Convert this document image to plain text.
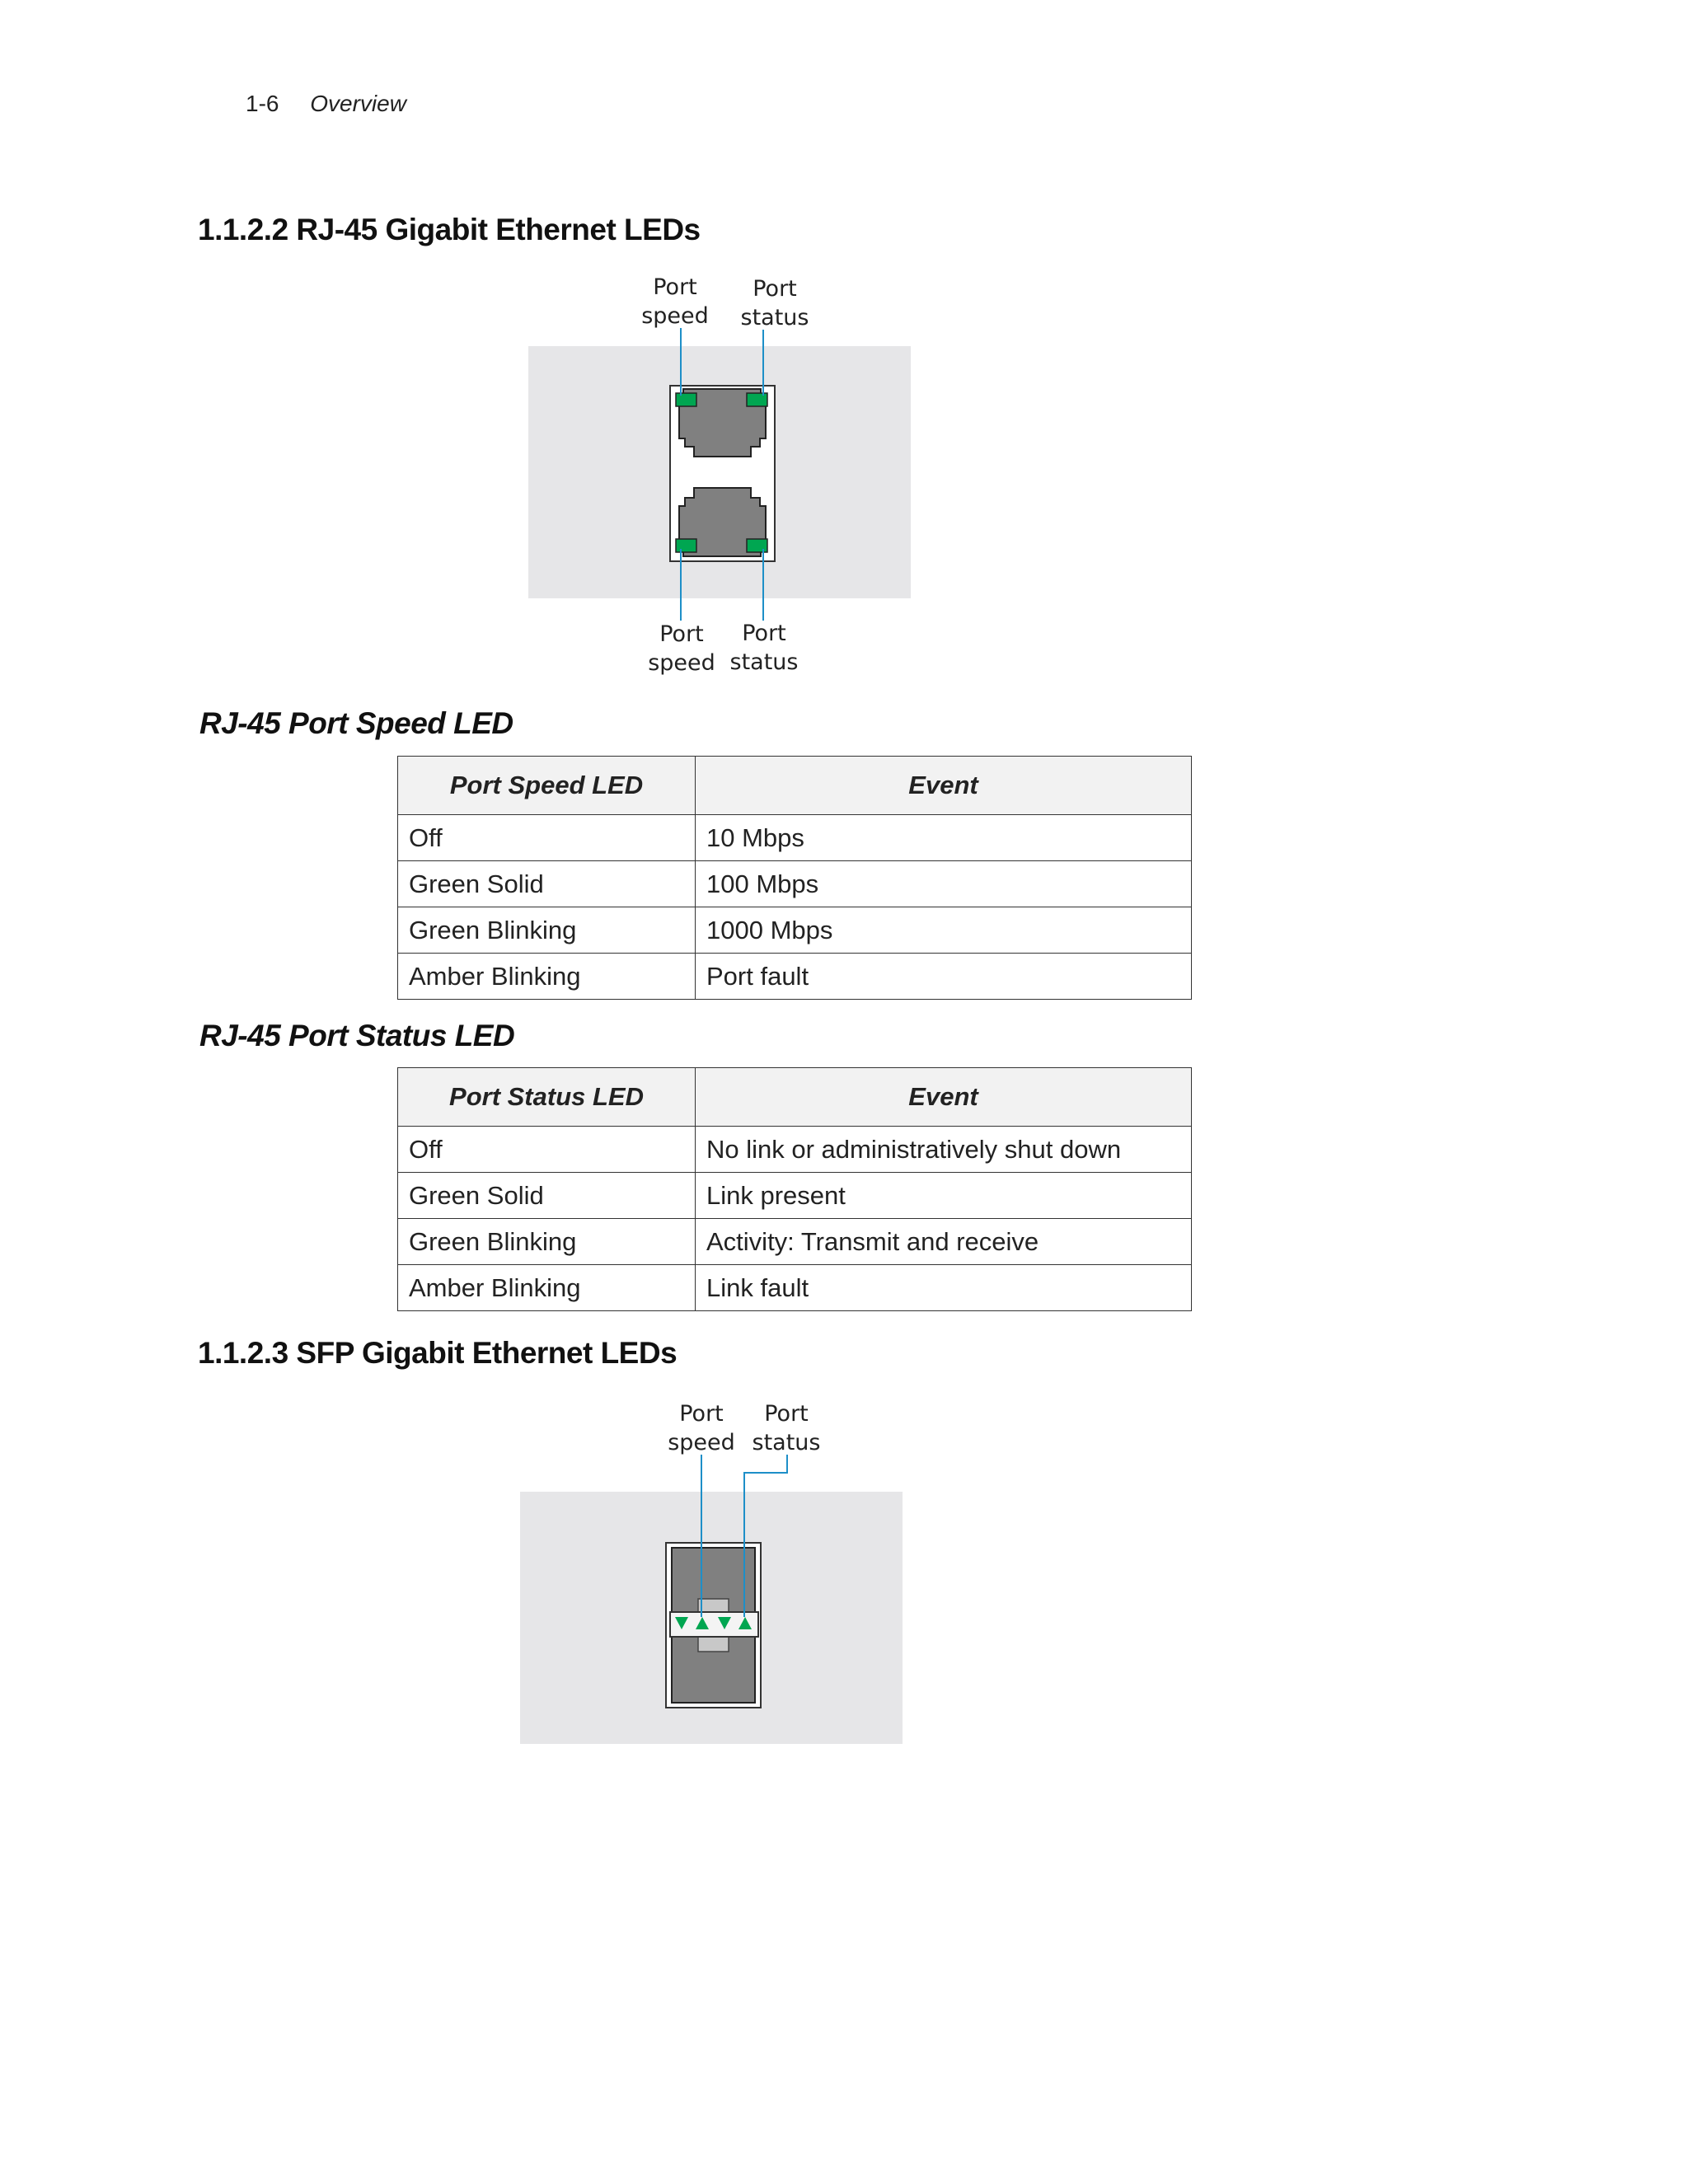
1-6 Overview
1.1.2.2 RJ-45 Gigabit Ethernet LEDs
Port
speed
Port
status
Port
speed
Port
status
RJ-45 Port Speed LED
Port Speed LED	Event
Off	10 Mbps
Green Solid	100 Mbps
Green Blinking	1000 Mbps
Amber Blinking	Port fault
RJ-45 Port Status LED
Port Status LED	Event
Off	No link or administratively shut down
Green Solid	Link present
Green Blinking	Activity: Transmit and receive
Amber Blinking	Link fault
1.1.2.3 SFP Gigabit Ethernet LEDs
Port
speed
Port
status
